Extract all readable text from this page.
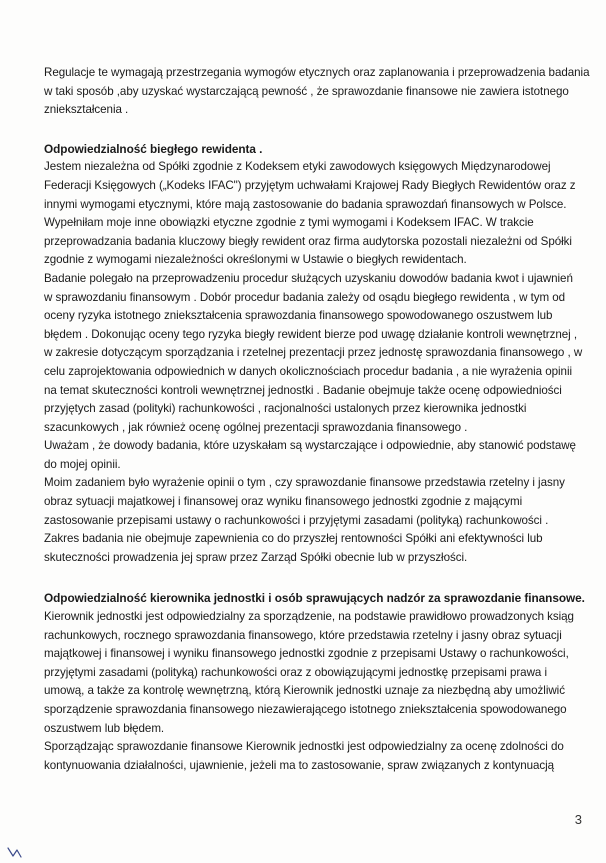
Regulacje te wymagają przestrzegania wymogów etycznych oraz zaplanowania i przeprowadzenia badania

w taki sposób ,aby uzyskać wystarczającą pewność , że sprawozdanie finansowe nie zawiera istotnego

zniekształcenia .

Odpowiedzialność biegłego rewidenta .

Jestem niezależna od Spółki zgodnie z Kodeksem etyki zawodowych księgowych Międzynarodowej

Federacji Księgowych („Kodeks IFAC") przyjętym uchwałami Krajowej Rady Biegłych Rewidentów oraz z

innymi wymogami etycznymi, które mają zastosowanie do badania sprawozdań finansowych w Polsce.

Wypełniłam moje inne obowiązki etyczne zgodnie z tymi wymogami i Kodeksem IFAC. W trakcie

przeprowadzania badania kluczowy biegły rewident oraz firma audytorska pozostali niezależni od Spółki

zgodnie z wymogami niezależności określonymi w Ustawie o biegłych rewidentach.

Badanie polegało na przeprowadzeniu procedur służących uzyskaniu dowodów badania kwot i ujawnień

w sprawozdaniu finansowym . Dobór procedur badania zależy od osądu biegłego rewidenta , w tym od

oceny ryzyka istotnego zniekształcenia sprawozdania finansowego spowodowanego oszustwem lub

błędem . Dokonując oceny tego ryzyka biegły rewident bierze pod uwagę działanie kontroli wewnętrznej ,

w zakresie dotyczącym sporządzania i rzetelnej prezentacji przez jednostę sprawozdania finansowego , w

celu zaprojektowania odpowiednich w danych okolicznościach procedur badania , a nie wyrażenia opinii

na temat skuteczności kontroli wewnętrznej jednostki . Badanie obejmuje także ocenę odpowiedniości

przyjętych zasad (polityki) rachunkowości , racjonalności ustalonych przez kierownika jednostki

szacunkowych , jak również ocenę ogólnej prezentacji sprawozdania finansowego .

Uważam , że dowody badania, które uzyskałam są wystarczające i odpowiednie, aby stanowić podstawę

do mojej opinii.

Moim zadaniem było wyrażenie opinii o tym , czy sprawozdanie finansowe przedstawia rzetelny i jasny

obraz sytuacji majatkowej i finansowej oraz wyniku finansowego jednostki zgodnie z mającymi

zastosowanie przepisami ustawy o rachunkowości i przyjętymi zasadami (polityką) rachunkowości .

Zakres badania nie obejmuje zapewnienia co do przyszłej rentowności Spółki ani efektywności lub

skuteczności prowadzenia jej spraw przez Zarząd Spółki obecnie lub w przyszłości.

Odpowiedzialność kierownika jednostki i osób sprawujących nadzór za sprawozdanie finansowe.

Kierownik jednostki jest odpowiedzialny za sporządzenie, na podstawie prawidłowo prowadzonych ksiąg

rachunkowych, rocznego sprawozdania finansowego, które przedstawia rzetelny i jasny obraz sytuacji

majątkowej i finansowej i wyniku finansowego jednostki zgodnie z przepisami Ustawy o rachunkowości,

przyjętymi zasadami (polityką) rachunkowości oraz z obowiązującymi jednostkę przepisami prawa i

umową, a także za kontrolę wewnętrzną, którą Kierownik jednostki uznaje za niezbędną aby umożliwić

sporządzenie sprawozdania finansowego niezawierającego istotnego zniekształcenia spowodowanego

oszustwem lub błędem.

Sporządzając sprawozdanie finansowe Kierownik jednostki jest odpowiedzialny za ocenę zdolności do

kontynuowania działalności, ujawnienie, jeżeli ma to zastosowanie, spraw związanych z kontynuacją

3
